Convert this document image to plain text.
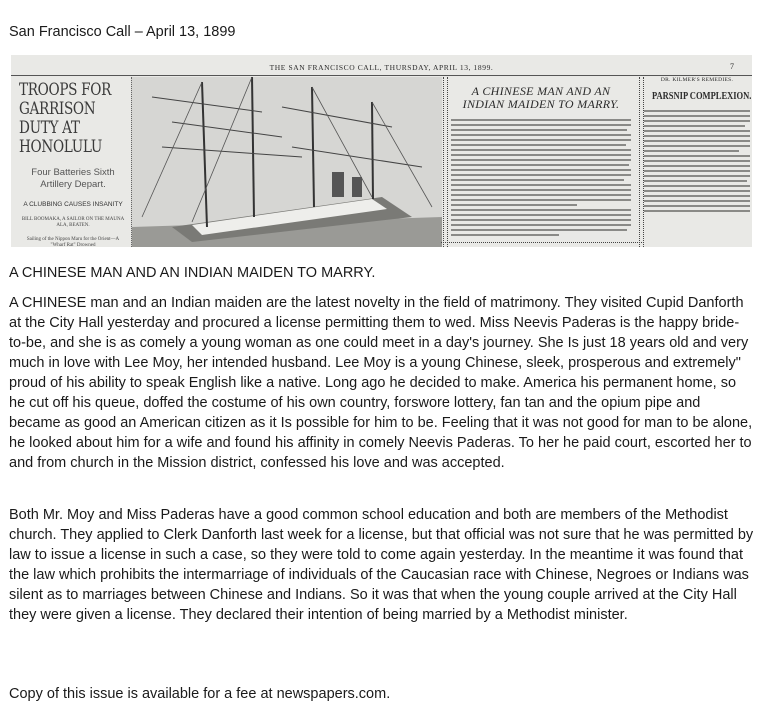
San Francisco Call – April 13, 1899
THE SAN FRANCISCO CALL, THURSDAY, APRIL 13, 1899.	7
TROOPS FOR GARRISON DUTY AT HONOLULU
Four Batteries Sixth Artillery Depart.
A CLUBBING CAUSES INSANITY
BILL BOOMAKA, A SAILOR ON THE MAUNA ALA, BEATEN.
Sailing of the Nippon Maru for the Orient—A "Wharf Rat" Drowned
A CHINESE MAN AND AN INDIAN MAIDEN TO MARRY.
DR. KILMER'S REMEDIES.
PARSNIP COMPLEXION.
A CHINESE MAN AND AN INDIAN MAIDEN TO MARRY.

A CHINESE man and an Indian maiden are the latest novelty in the field of matrimony. They visited Cupid Danforth at the City Hall yesterday and procured a license permitting them to wed. Miss Neevis Paderas is the happy bride-to-be, and she is as comely a young woman as one could meet in a day's journey. She Is just 18 years old and very much in love with Lee Moy, her intended husband. Lee Moy is a young Chinese, sleek, prosperous and extremely" proud of his ability to speak English like a native. Long ago he decided to make. America his permanent home, so he cut off his queue, doffed the costume of his own country, forswore lottery, fan tan and the opium pipe and became as good an American citizen as it Is possible for him to be. Feeling that it was not good for man to be alone, he looked about him for a wife and found his affinity in comely Neevis Paderas. To her he paid court, escorted her to and from church in the Mission district, confessed his love and was accepted.

Both Mr. Moy and Miss Paderas have a good common school education and both are members of the Methodist church. They applied to Clerk Danforth last week for a license, but that official was not sure that he was permitted by law to issue a license in such a case, so they were told to come again yesterday. In the meantime it was found that the law which prohibits the intermarriage of individuals of the Caucasian race with Chinese, Negroes or Indians was silent as to marriages between Chinese and Indians. So it was that when the young couple arrived at the City Hall they were given a license. They declared their intention of being married by a Methodist minister.

Copy of this issue is available for a fee at newspapers.com.
